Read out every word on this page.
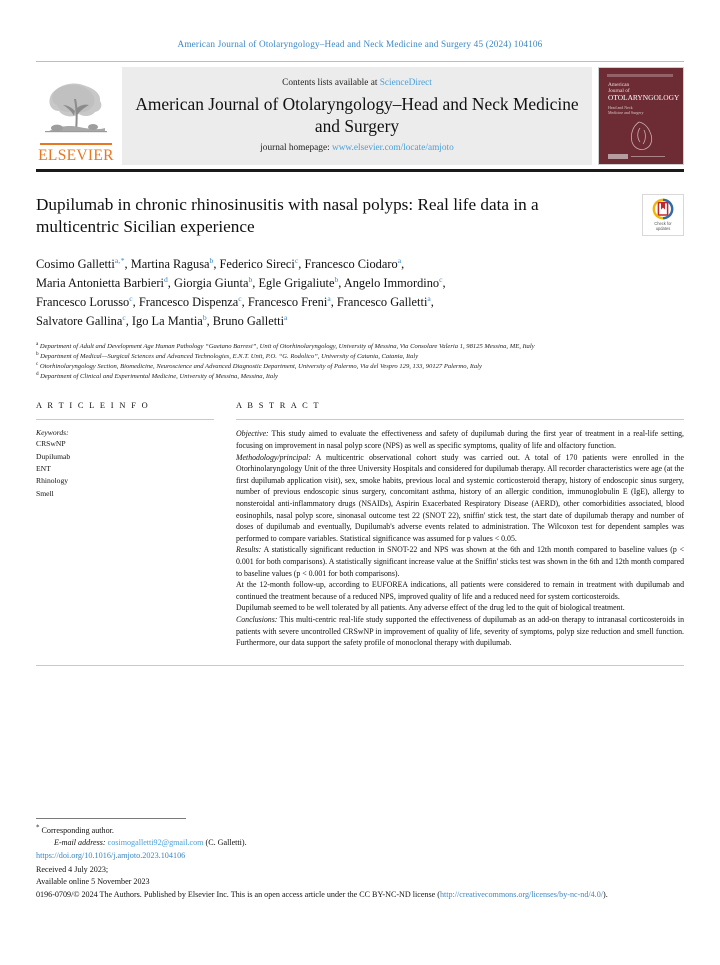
American Journal of Otolaryngology–Head and Neck Medicine and Surgery 45 (2024) 104106
ELSEVIER
Contents lists available at ScienceDirect
American Journal of Otolaryngology–Head and Neck Medicine and Surgery
journal homepage: www.elsevier.com/locate/amjoto
American
Journal of
OTOLARYNGOLOGY
Head and Neck
Medicine and Surgery
Dupilumab in chronic rhinosinusitis with nasal polyps: Real life data in a multicentric Sicilian experience	Check for
updates
Cosimo Galletti$^{a, *}$, Martina Ragusa$^b$, Federico Sireci$^c$, Francesco Ciodaro$^a$,
Maria Antonietta Barbieri$^d$, Giorgia Giunta$^b$, Egle Grigaliute$^b$, Angelo Immordino$^c$,
Francesco Lorusso$^c$, Francesco Dispenza$^c$, Francesco Freni$^a$, Francesco Galletti$^a$,
Salvatore Gallina$^c$, Igo La Mantia$^b$, Bruno Galletti$^a$
$^a$ Department of Adult and Development Age Human Pathology “Gaetano Barresi”, Unit of Otorhinolaryngology, University of Messina, Via Consolare Valeria 1, 98125 Messina, ME, Italy
$^b$ Department of Medical—Surgical Sciences and Advanced Technologies, E.N.T. Unit, P.O. “G. Rodolico”, University of Catania, Catania, Italy
$^c$ Otorhinolaryngology Section, Biomedicine, Neuroscience and Advanced Diagnostic Department, University of Palermo, Via del Vespro 129, 133, 90127 Palermo, Italy
$^d$ Department of Clinical and Experimental Medicine, University of Messina, Messina, Italy
A R T I C L E I N F O
Keywords:
CRSwNP
Dupilumab
ENT
Rhinology
Smell
A B S T R A C T

Objective: This study aimed to evaluate the effectiveness and safety of dupilumab during the first year of treatment in a real-life setting, focusing on improvement in nasal polyp score (NPS) as well as specific symptoms, quality of life and olfactory function.

Methodology/principal: A multicentric observational cohort study was carried out. A total of 170 patients were enrolled in the Otorhinolaryngology Unit of the three University Hospitals and considered for dupilumab therapy. All recorder characteristics were age (at the first dupilumab application visit), sex, smoke habits, previous local and systemic corticosteroid therapy, history of endoscopic sinus surgery, number of previous endoscopic sinus surgery, concomitant asthma, history of an allergic condition, immunoglobulin E (IgE), allergy to nonsteroidal anti-inflammatory drugs (NSAIDs), Aspirin Exacerbated Respiratory Disease (AERD), other comorbidities associated, blood eosinophils, nasal polyp score, sinonasal outcome test 22 (SNOT 22), sniffin' stick test, the start date of dupilumab therapy and number of doses of dupilumab and eventually, Dupilumab's adverse events related to administration. The Wilcoxon test for dependent samples was performed to compare variables. Statistical significance was assumed for p values < 0.05.

Results: A statistically significant reduction in SNOT-22 and NPS was shown at the 6th and 12th month compared to baseline values (p < 0.001 for both comparisons). A statistically significant increase value at the Sniffin' sticks test was shown in the 6th and 12th month compared to baseline values (p < 0.001 for both comparisons).

At the 12-month follow-up, according to EUFOREA indications, all patients were considered to remain in treatment with dupilumab and continued the treatment because of a reduced NPS, improved quality of life and a reduced need for system corticosteroids.

Dupilumab seemed to be well tolerated by all patients. Any adverse effect of the drug led to the quit of biological treatment.

Conclusions: This multi-centric real-life study supported the effectiveness of dupilumab as an add-on therapy to intranasal corticosteroids in patients with severe uncontrolled CRSwNP in improvement of quality of life, severity of symptoms, polyp size reduction and smell function. Furthermore, our data support the safety profile of monoclonal therapy with dupilumab.

* Corresponding author.
E-mail address: cosimogalletti92@gmail.com (C. Galletti).
https://doi.org/10.1016/j.amjoto.2023.104106
Received 4 July 2023;
Available online 5 November 2023
0196-0709/© 2024 The Authors. Published by Elsevier Inc. This is an open access article under the CC BY-NC-ND license (http://creativecommons.org/licenses/by-nc-nd/4.0/).
